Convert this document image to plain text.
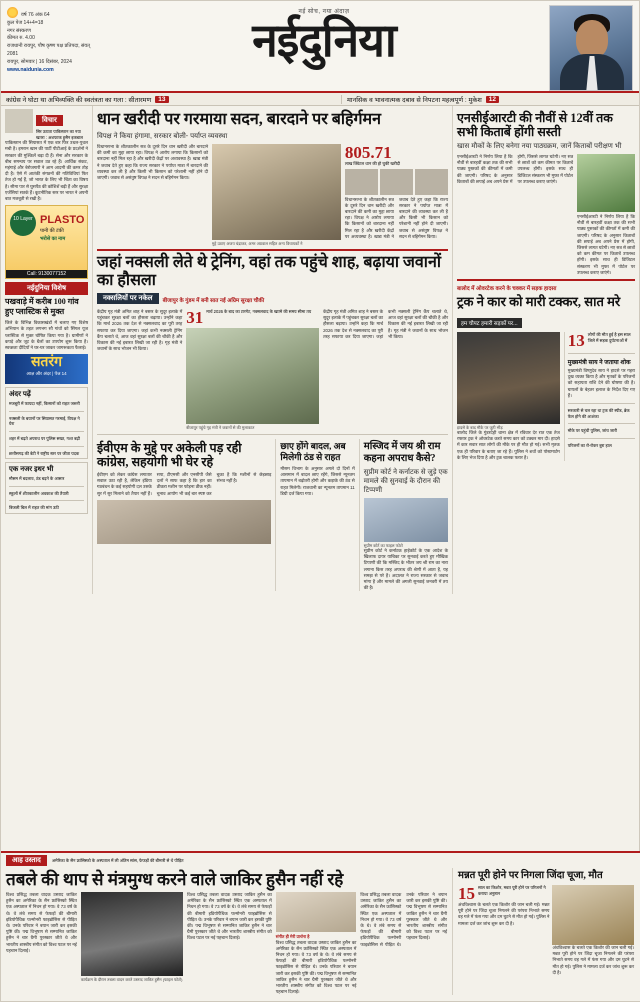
वर्ष 76 अंक 64
कुल पेज 14+4=18
नगर संस्करण
कीमत रु. 4.00
राजधानी रायपुर, पौष कृष्ण पक्ष प्रतिपदा, संवत् 2081
रायपुर, सोमवार | 16 दिसंबर, 2024
www.naidunia.com
नई सोच, नया अंदाज़
नईदुनिया
कांग्रेस ने घोटा था अभिव्यक्ति की स्वतंत्रता का गला : सीतारमण	13	मानसिक व भावनात्मक दबाव से निपटना महत्वपूर्ण : मुकेश	12
विचार
सिर उठाता पाकिस्तान का नया खतरा : अशफाक हुसैन इकबाल
पाकिस्तान की सियासत में एक बार फिर उथल-पुथल मची है। इमरान खान की पार्टी पीटीआई के प्रदर्शनों ने सरकार की मुश्किलें बढ़ा दी हैं। सेना और सरकार के बीच समन्वय पर सवाल उठ रहे हैं। आर्थिक संकट, महंगाई और बेरोजगारी ने आम आदमी की कमर तोड़ दी है। ऐसे में आतंकी संगठनों की गतिविधियां फिर तेज हो गई हैं, जो भारत के लिए भी चिंता का विषय है। सीमा पार से घुसपैठ की कोशिशें बढ़ी हैं और सुरक्षा एजेंसियां सतर्क हैं। कूटनीतिक स्तर पर भारत ने अपनी बात मजबूती से रखी है।
10 Layer PLASTO
पानी की टंकी
भरोसे का नाम
Call: 9130077152
नईदुनिया विशेष
पखवाड़े में करीब 100 गांव हुए प्लास्टिक से मुक्त
जिले के विभिन्न विकासखंडों में चलाए गए विशेष अभियान के तहत लगभग सौ गांवों को सिंगल यूज प्लास्टिक से मुक्त घोषित किया गया है। ग्रामीणों ने कपड़े और जूट के थैलों का उपयोग शुरू किया है। स्वच्छता दीदियों ने घर-घर जाकर जागरूकता फैलाई।
सतरंग
आज़ और अंदर | पेज 14
अंदर पढ़ें
मजबूरी में फायदा नहीं, किसानों को राहत जरूरी
नक्सली के बयानों पर सियासत गरमाई, विपक्ष ने घेरा
शहर में बढ़ते अपराध पर पुलिस सख्त, गश्त बढ़ी
छत्तीसगढ़ की बेटी ने राष्ट्रीय स्तर पर जीता पदक
एक नजर इधर भी
मौसम में बदलाव, ठंड बढ़ने के आसार
स्कूलों में शीतकालीन अवकाश की तैयारी
बिजली बिल में राहत की मांग उठी
धान खरीदी पर गरमाया सदन, बारदाने पर बहिर्गमन
विपक्ष ने किया हंगामा, सरकार बोली- पर्याप्त व्यवस्था
विधानसभा के शीतकालीन सत्र के दूसरे दिन धान खरीदी और बारदाने की कमी का मुद्दा छाया रहा। विपक्ष ने आरोप लगाया कि किसानों को बारदाना नहीं मिल रहा है और खरीदी केंद्रों पर अव्यवस्था है। खाद्य मंत्री ने जवाब देते हुए कहा कि राज्य सरकार ने पर्याप्त मात्रा में बारदाने की व्यवस्था कर ली है और किसी भी किसान को परेशानी नहीं होने दी जाएगी। जवाब से असंतुष्ट विपक्ष ने सदन से बहिर्गमन किया।
मुद्दे उठाए अजय चंद्राकर, अमर अग्रवाल सहित अन्य विधायकों ने
805.71
लाख क्विंटल धान की हो चुकी खरीदी
विधानसभा के शीतकालीन सत्र के दूसरे दिन धान खरीदी और बारदाने की कमी का मुद्दा छाया रहा। विपक्ष ने आरोप लगाया कि किसानों को बारदाना नहीं मिल रहा है और खरीदी केंद्रों पर अव्यवस्था है। खाद्य मंत्री ने जवाब देते हुए कहा कि राज्य सरकार ने पर्याप्त मात्रा में बारदाने की व्यवस्था कर ली है और किसी भी किसान को परेशानी नहीं होने दी जाएगी। जवाब से असंतुष्ट विपक्ष ने सदन से बहिर्गमन किया।
जहां नक्सली लेते थे ट्रेनिंग, वहां तक पहुंचे शाह, बढ़ाया जवानों का हौसला
नक्सलियों पर नकेल	बीजापुर के गुंडम में बनी सात नई अग्रिम सुरक्षा चौकी
केंद्रीय गृह मंत्री अमित शाह ने बस्तर के सुदूर इलाके में पहुंचकर सुरक्षा बलों का हौसला बढ़ाया। उन्होंने कहा कि मार्च 2026 तक देश से नक्सलवाद का पूरी तरह सफाया कर दिया जाएगा। जहां कभी नक्सली ट्रेनिंग कैंप चलाते थे, आज वहां सुरक्षा बलों की चौकी है और विकास की नई इबारत लिखी जा रही है। गृह मंत्री ने जवानों के साथ भोजन भी किया।
31 मार्च 2026 के बाद का टारगेट, नक्सलवाद के खात्मे की समय सीमा तय
बीजापुर पहुंचे गृह मंत्री ने जवानों से की मुलाकात
केंद्रीय गृह मंत्री अमित शाह ने बस्तर के सुदूर इलाके में पहुंचकर सुरक्षा बलों का हौसला बढ़ाया। उन्होंने कहा कि मार्च 2026 तक देश से नक्सलवाद का पूरी तरह सफाया कर दिया जाएगा। जहां कभी नक्सली ट्रेनिंग कैंप चलाते थे, आज वहां सुरक्षा बलों की चौकी है और विकास की नई इबारत लिखी जा रही है। गृह मंत्री ने जवानों के साथ भोजन भी किया।
ईवीएम के मुद्दे पर अकेली पड़ रही कांग्रेस, सहयोगी भी घेर रहे
ईवीएम को लेकर कांग्रेस लगातार सवाल उठा रही है, लेकिन इंडिया गठबंधन के कई सहयोगी दल उसके सुर में सुर मिलाने को तैयार नहीं हैं। सपा, टीएमसी और एनसीपी जैसे दलों ने साफ कहा है कि हार का ठीकरा मशीन पर फोड़ना ठीक नहीं। चुनाव आयोग भी कई बार स्पष्ट कर चुका है कि मशीनों से छेड़छाड़ संभव नहीं है।
छाए होंगे बादल, अब मिलेगी ठंड से राहत
मौसम विभाग के अनुसार अगले दो दिनों में आसमान में बादल छाए रहेंगे, जिससे न्यूनतम तापमान में बढ़ोतरी होगी और कड़ाके की ठंड से राहत मिलेगी। राजधानी का न्यूनतम तापमान 11 डिग्री दर्ज किया गया।
मस्जिद में जय श्री राम कहना अपराध कैसे?
सुप्रीम कोर्ट ने कर्नाटक से जुड़े एक मामले की सुनवाई के दौरान की टिप्पणी
सुप्रीम कोर्ट का फाइल फोटो
सुप्रीम कोर्ट ने कर्नाटक हाईकोर्ट के एक आदेश के खिलाफ दायर याचिका पर सुनवाई करते हुए मौखिक टिप्पणी की कि मस्जिद के भीतर जय श्री राम का नारा लगाना किस तरह अपराध की श्रेणी में आता है, यह समझ से परे है। अदालत ने राज्य सरकार से जवाब मांगा है और मामले की अगली सुनवाई जनवरी में तय की है।
एनसीईआरटी की नौवीं से 12वीं तक सभी किताबें होंगी सस्ती
खास मौकों के लिए बनेगा नया पाठ्यक्रम, जानें किताबों परीक्षण भी
एनसीईआरटी ने निर्णय लिया है कि नौवीं से बारहवीं कक्षा तक की सभी पाठ्य पुस्तकों की कीमतों में कमी की जाएगी। परिषद के अनुसार किताबों की छपाई अब अपने प्रेस में होगी, जिससे लागत घटेगी। नए सत्र से छात्रों को कम कीमत पर किताबें उपलब्ध होंगी। इसके साथ ही डिजिटल संस्करण भी मुफ्त में पोर्टल पर उपलब्ध कराए जाएंगे।
एनसीईआरटी ने निर्णय लिया है कि नौवीं से बारहवीं कक्षा तक की सभी पाठ्य पुस्तकों की कीमतों में कमी की जाएगी। परिषद के अनुसार किताबों की छपाई अब अपने प्रेस में होगी, जिससे लागत घटेगी। नए सत्र से छात्रों को कम कीमत पर किताबें उपलब्ध होंगी। इसके साथ ही डिजिटल संस्करण भी मुफ्त में पोर्टल पर उपलब्ध कराए जाएंगे।
बालोद में ओवरटेक करने के चक्कर में सड़क हादसा
ट्रक ने कार को मारी टक्कर, सात मरे
हम चौपट हमारी सड़कों पर...
हादसे के बाद मौके पर जुटी भीड़
बालोद जिले के गुंडरदेही थाना क्षेत्र में रविवार देर रात एक तेज रफ्तार ट्रक ने ओवरटेक करते समय कार को टक्कर मार दी। हादसे में कार सवार सात लोगों की मौके पर ही मौत हो गई। सभी मृतक एक ही परिवार के बताए जा रहे हैं। पुलिस ने शवों को पोस्टमार्टम के लिए भेज दिया है और ट्रक चालक फरार है।
13 लोगों की मौत हुई है इस साल जिले में सड़क दुर्घटनाओं में
मुख्यमंत्री साय ने जताया शोक
मुख्यमंत्री विष्णुदेव साय ने हादसे पर गहरा दुख व्यक्त किया है और मृतकों के परिजनों को सहायता राशि देने की घोषणा की है। घायलों के बेहतर इलाज के निर्देश दिए गए हैं।
सरकारी से चल रहा था ट्रक की स्पीड, ब्रेक फेल होने की आशंका
मौके पर पहुंची पुलिस, जांच जारी
परिजनों का रो-रोकर बुरा हाल
आह उस्ताद	अमेरिका के सैन फ्रांसिस्को के अस्पताल में ली अंतिम सांस, फेफड़ों की बीमारी से थे पीड़ित
तबले की थाप से मंत्रमुग्ध करने वाले जाकिर हुसैन नहीं रहे
विश्व प्रसिद्ध तबला वादक उस्ताद जाकिर हुसैन का अमेरिका के सैन फ्रांसिस्को स्थित एक अस्पताल में निधन हो गया। वे 73 वर्ष के थे। वे लंबे समय से फेफड़ों की बीमारी इडियोपैथिक पल्मोनरी फाइब्रोसिस से पीड़ित थे। उनके परिवार ने बयान जारी कर इसकी पुष्टि की। पद्म विभूषण से सम्मानित जाकिर हुसैन ने चार ग्रैमी पुरस्कार जीते थे और भारतीय शास्त्रीय संगीत को विश्व पटल पर नई पहचान दिलाई।
कार्यक्रम के दौरान तबला वादन करते उस्ताद जाकिर हुसैन (फाइल फोटो)
विश्व प्रसिद्ध तबला वादक उस्ताद जाकिर हुसैन का अमेरिका के सैन फ्रांसिस्को स्थित एक अस्पताल में निधन हो गया। वे 73 वर्ष के थे। वे लंबे समय से फेफड़ों की बीमारी इडियोपैथिक पल्मोनरी फाइब्रोसिस से पीड़ित थे। उनके परिवार ने बयान जारी कर इसकी पुष्टि की। पद्म विभूषण से सम्मानित जाकिर हुसैन ने चार ग्रैमी पुरस्कार जीते थे और भारतीय शास्त्रीय संगीत को विश्व पटल पर नई पहचान दिलाई।	संगीत ही मेरी प्रार्थना है
विश्व प्रसिद्ध तबला वादक उस्ताद जाकिर हुसैन का अमेरिका के सैन फ्रांसिस्को स्थित एक अस्पताल में निधन हो गया। वे 73 वर्ष के थे। वे लंबे समय से फेफड़ों की बीमारी इडियोपैथिक पल्मोनरी फाइब्रोसिस से पीड़ित थे। उनके परिवार ने बयान जारी कर इसकी पुष्टि की। पद्म विभूषण से सम्मानित जाकिर हुसैन ने चार ग्रैमी पुरस्कार जीते थे और भारतीय शास्त्रीय संगीत को विश्व पटल पर नई पहचान दिलाई।
विश्व प्रसिद्ध तबला वादक उस्ताद जाकिर हुसैन का अमेरिका के सैन फ्रांसिस्को स्थित एक अस्पताल में निधन हो गया। वे 73 वर्ष के थे। वे लंबे समय से फेफड़ों की बीमारी इडियोपैथिक पल्मोनरी फाइब्रोसिस से पीड़ित थे। उनके परिवार ने बयान जारी कर इसकी पुष्टि की। पद्म विभूषण से सम्मानित जाकिर हुसैन ने चार ग्रैमी पुरस्कार जीते थे और भारतीय शास्त्रीय संगीत को विश्व पटल पर नई पहचान दिलाई।
मन्नत पूरी होने पर निगला जिंदा चूजा, मौत
15 साल का किशोर, मन्नत पूरी होने पर परिजनों ने कराया अनुष्ठान
अंधविश्वास के चलते एक किशोर की जान चली गई। मन्नत पूरी होने पर जिंदा चूजा निगलने की परंपरा निभाते समय वह गले में फंस गया और दम घुटने से मौत हो गई। पुलिस ने मामला दर्ज कर जांच शुरू कर दी है।
अंधविश्वास के चलते एक किशोर की जान चली गई। मन्नत पूरी होने पर जिंदा चूजा निगलने की परंपरा निभाते समय वह गले में फंस गया और दम घुटने से मौत हो गई। पुलिस ने मामला दर्ज कर जांच शुरू कर दी है।
